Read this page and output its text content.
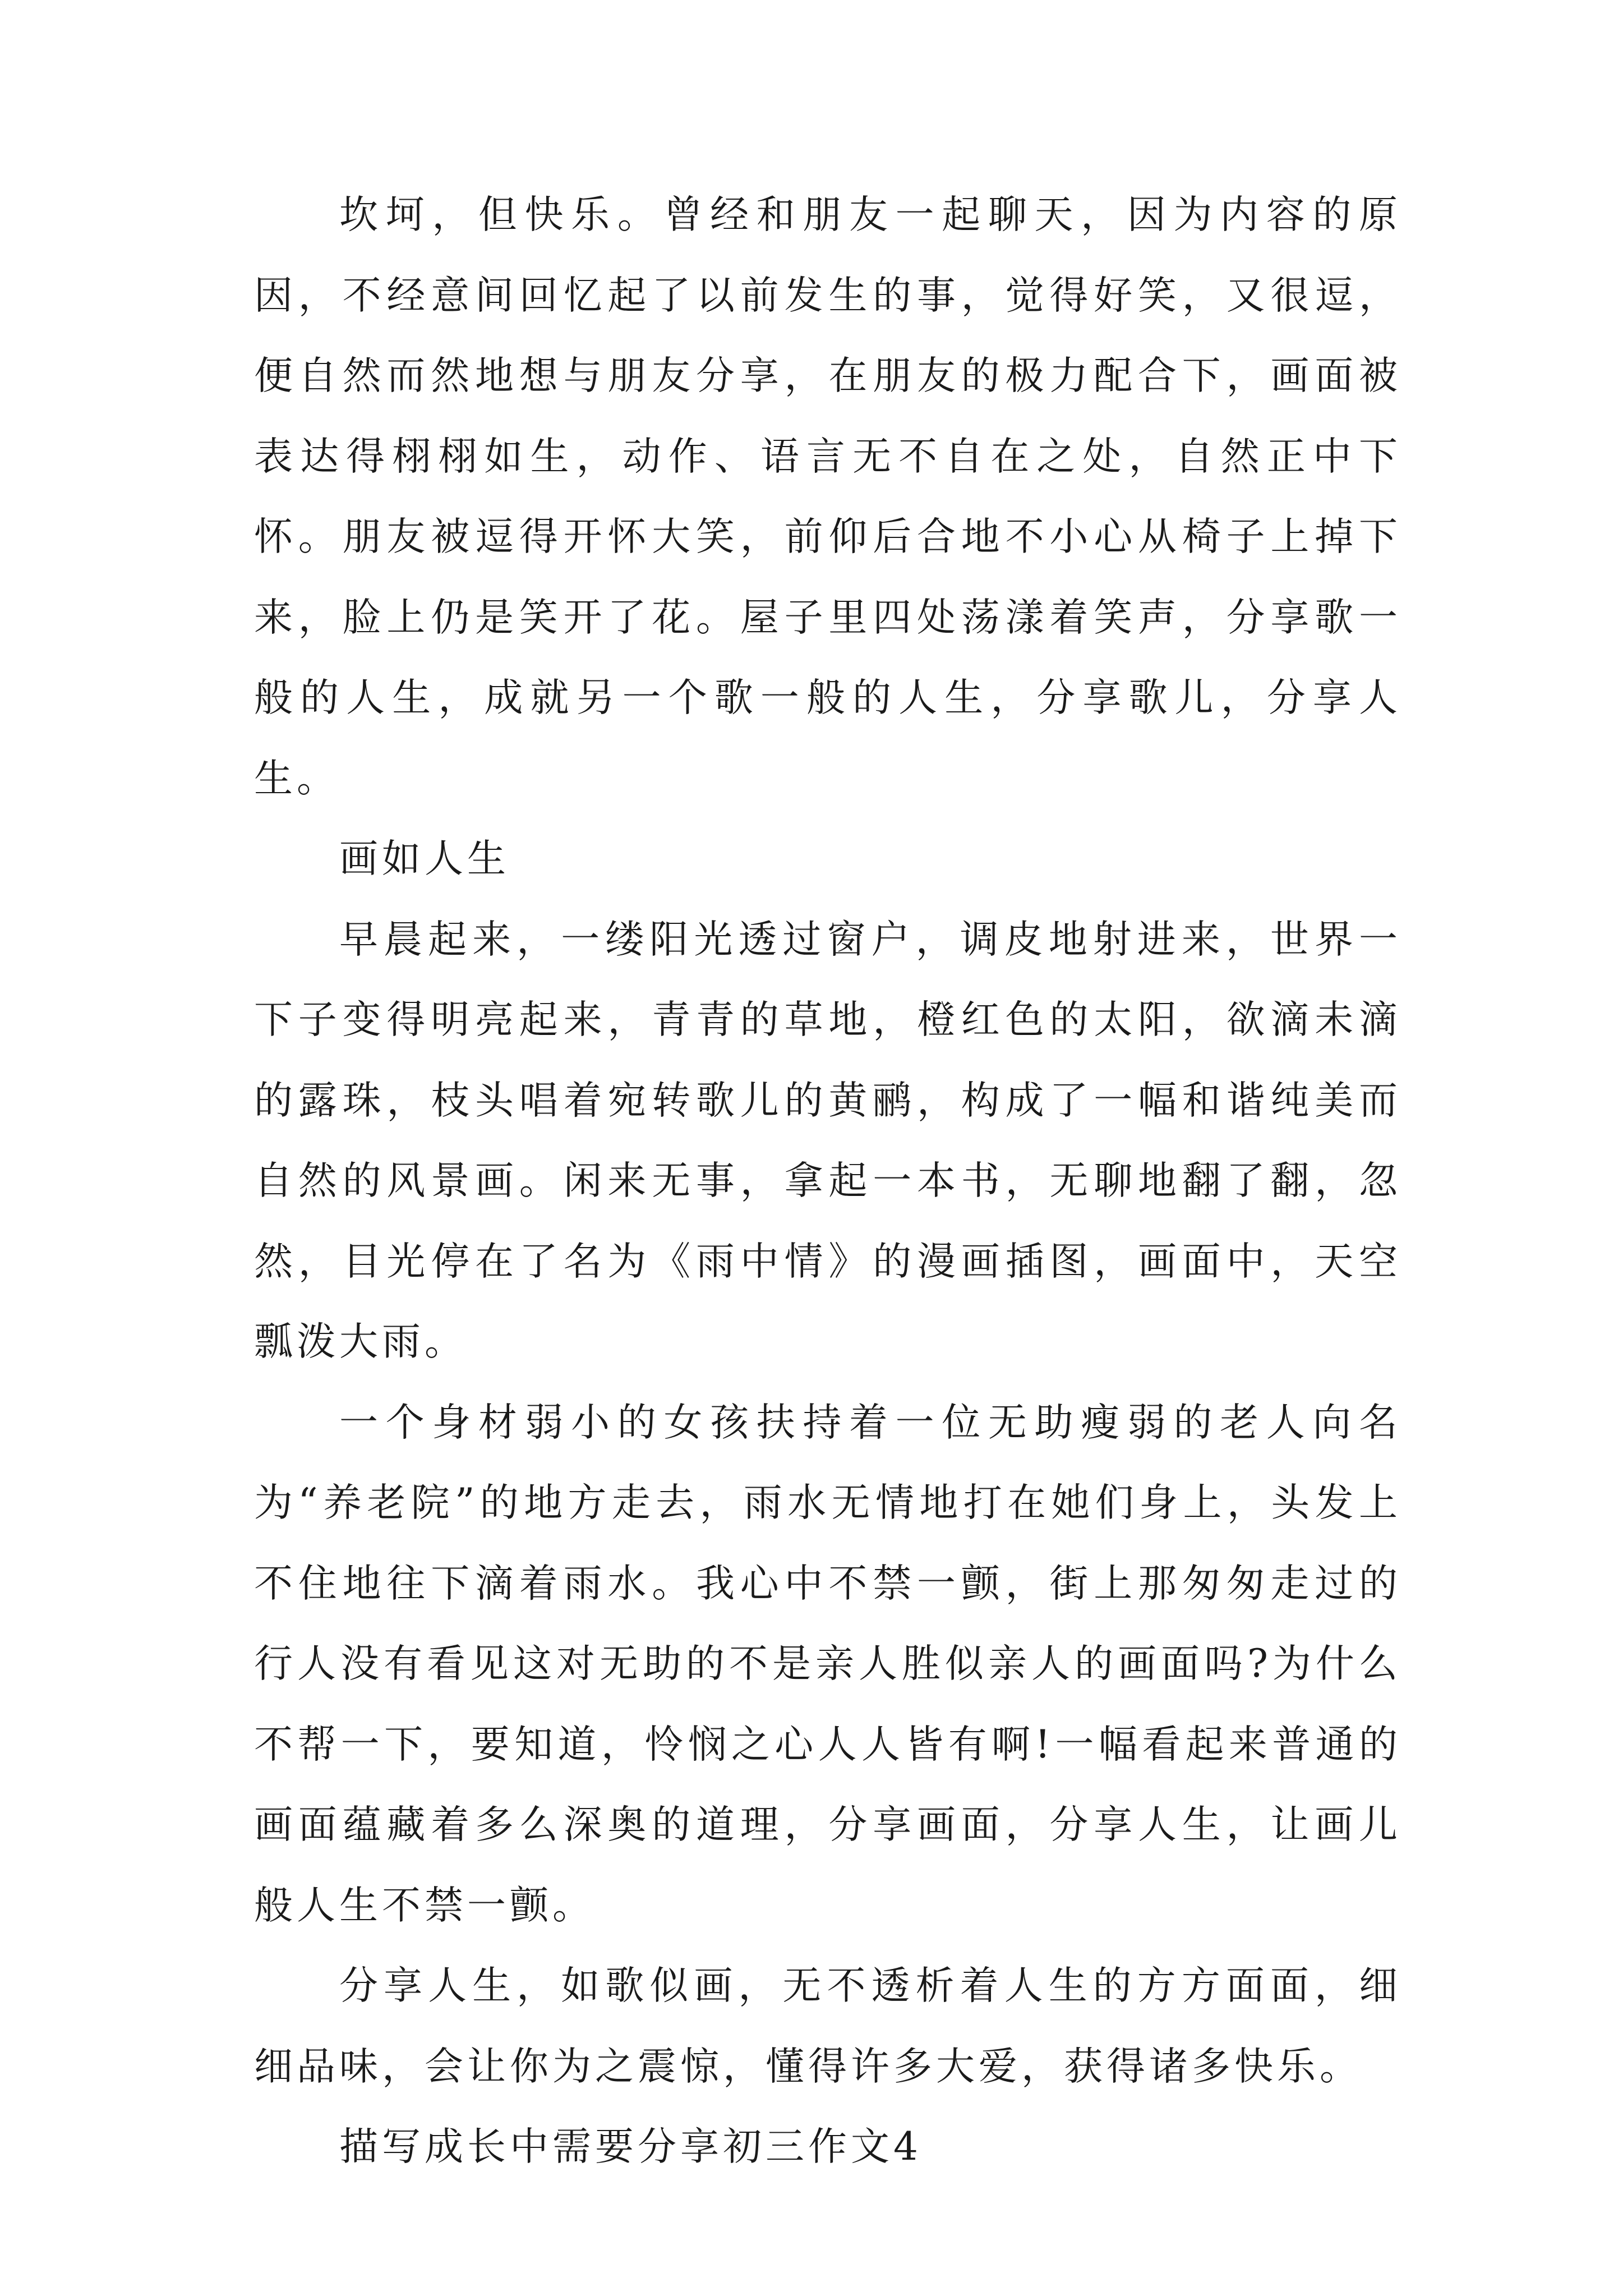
坎坷，但快乐。曾经和朋友一起聊天，因为内容的原因，不经意间回忆起了以前发生的事，觉得好笑，又很逗，便自然而然地想与朋友分享，在朋友的极力配合下，画面被表达得栩栩如生，动作、语言无不自在之处，自然正中下怀。朋友被逗得开怀大笑，前仰后合地不小心从椅子上掉下来，脸上仍是笑开了花。屋子里四处荡漾着笑声，分享歌一般的人生，成就另一个歌一般的人生，分享歌儿，分享人生。

画如人生

早晨起来，一缕阳光透过窗户，调皮地射进来，世界一下子变得明亮起来，青青的草地，橙红色的太阳，欲滴未滴的露珠，枝头唱着宛转歌儿的黄鹂，构成了一幅和谐纯美而自然的风景画。闲来无事，拿起一本书，无聊地翻了翻，忽然，目光停在了名为《雨中情》的漫画插图，画面中，天空瓢泼大雨。

一个身材弱小的女孩扶持着一位无助瘦弱的老人向名为“养老院”的地方走去，雨水无情地打在她们身上，头发上不住地往下滴着雨水。我心中不禁一颤，街上那匆匆走过的行人没有看见这对无助的不是亲人胜似亲人的画面吗?为什么不帮一下，要知道，怜悯之心人人皆有啊!一幅看起来普通的画面蕴藏着多么深奥的道理，分享画面，分享人生，让画儿般人生不禁一颤。

分享人生，如歌似画，无不透析着人生的方方面面，细细品味，会让你为之震惊，懂得许多大爱，获得诸多快乐。

描写成长中需要分享初三作文4
